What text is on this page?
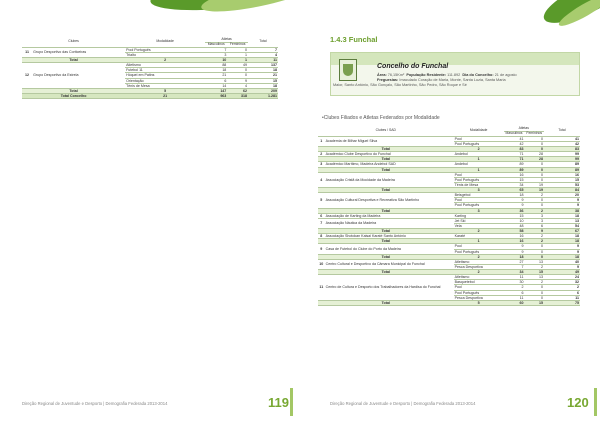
Clubes		Modalidade	Atletas		Total
			Masculinos	Femininos	
11	Grupo Desportivo das Corticeiras	Pool Português	7	0	7
		Trialto	3	1	4
Total		2	10	1	11
12	Grupo Desportivo da Estrela	Atletismo	88	49	137
		Futebol 11	18	0	18
		Hóquei em Patins	21	0	21
		Orientação	6	9	15
		Ténis de Mesa	14	4	18
Total		5	147	62	209
Total Concelho		21	963	318	1.281
Direção Regional de Juventude e Desporto | Demografia Federada 2013-2014	119
1.4.3 Funchal
Concelho do Funchal
Área: 76,15Km² População Residente: 111.892 Dia do Concelho: 21 de agosto
Freguesias: Imaculado Coração de Maria, Monte, Santa Luzia, Santa Maria
Maior, Santo António, São Gonçalo, São Martinho, São Pedro, São Roque e Sé
•Clubes Filiados e Atletas Federados por Modalidade
Clubes / SAD		Modalidade	Atletas		Total
			Masculinos	Femininos	
1	Academia de Bilhar Miguel Silva	Pool	41	0	41
		Pool Português	42	0	42
Total		2	83	0	83
2	Académico Clube Desportivo do Funchal	Andebol	71	28	99
Total		1	71	28	99
3	Académico Marítimo, Madeira Andebol SAD	Andebol	89	0	89
Total		1	89	0	89
4	Associação Cristã da Mocidade da Madeira	Pool	16	0	16
		Pool Português	15	0	15
		Ténis de Mesa	34	19	53
Total		3	65	19	84
5	Associação Cultural Desportiva e Recreativa São Martinho	Beisgebol	18	2	20
		Pool	9	0	9
		Pool Português	9	0	9
Total		3	36	2	38
6	Associação de Karting da Madeira	Karting	15	3	18
7	Associação Náutica da Madeira	Jet Ski	10	3	13
		Vela	48	6	54
Total		2	58	9	67
8	Associação Shotokan Kaisai Karaté Santo António	Karaté	16	2	18
Total		1	16	2	18
9	Casa de Futebol do Clube do Porto da Madeira	Pool	9	0	9
		Pool Português	9	0	9
Total		2	18	0	18
10	Centro Cultural e Desportivo da Câmara Municipal do Funchal	Atletismo	27	13	40
		Pesca Desportiva	7	2	9
Total		2	34	15	49
11	Centro de Cultura e Desporto dos Trabalhadores da Hardisa do Funchal	Atletismo	11	13	24
		Basquetebol	30	2	32
		Pool	2	0	2
		Pool Português	6	0	6
		Pesca Desportiva	11	0	11
Total		5	60	15	75
Direção Regional de Juventude e Desporto | Demografia Federada 2013-2014	120
